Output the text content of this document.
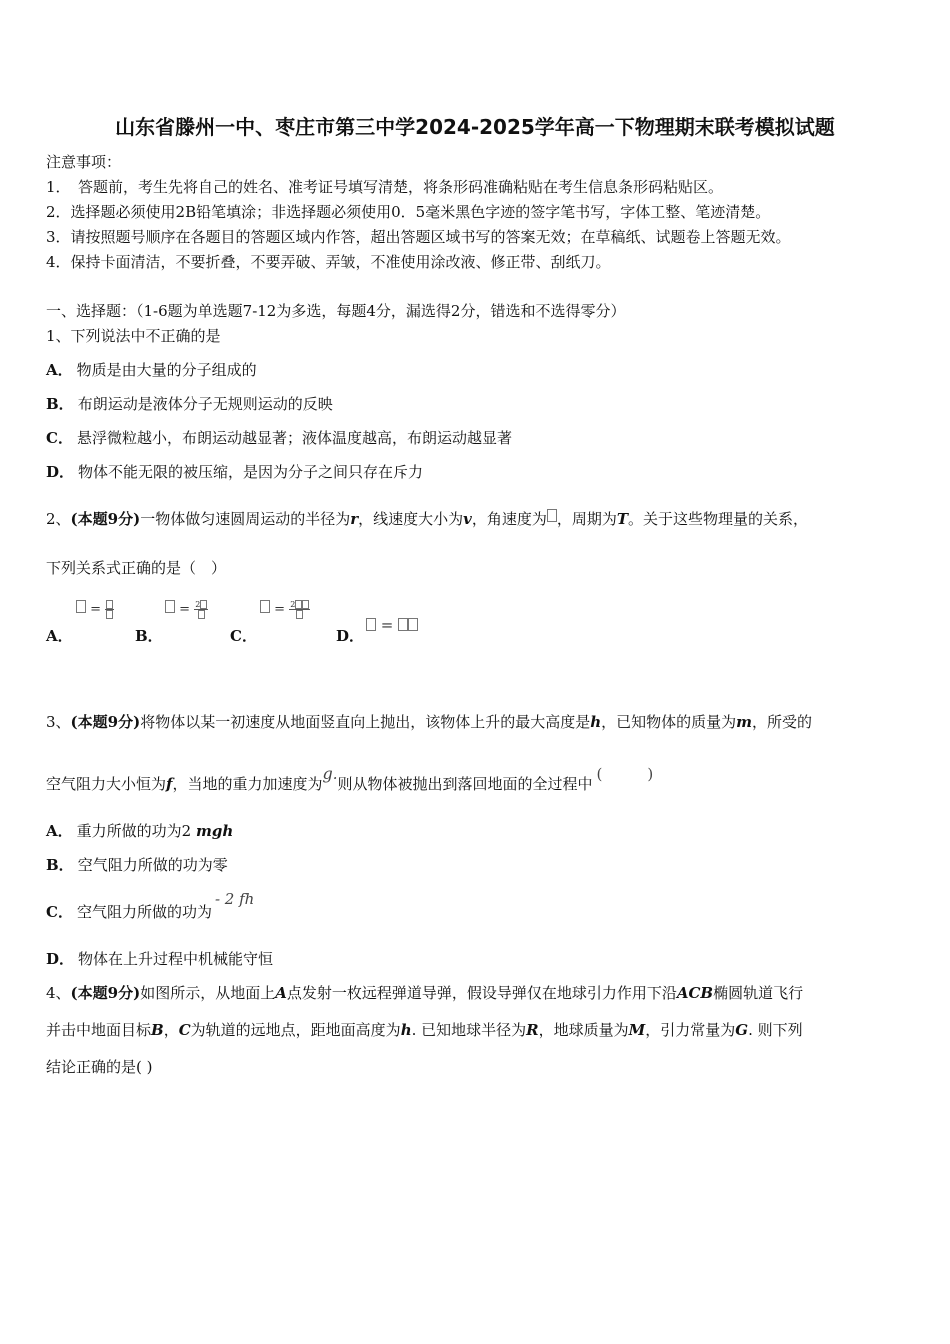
山东省滕州一中、枣庄市第三中学2024-2025学年高一下物理期末联考模拟试题
注意事项：
1．　答题前，考生先将自己的姓名、准考证号填写清楚，将条形码准确粘贴在考生信息条形码粘贴区。
2．选择题必须使用2B铅笔填涂；非选择题必须使用0．5毫米黑色字迹的签字笔书写，字体工整、笔迹清楚。
3．请按照题号顺序在各题目的答题区域内作答，超出答题区域书写的答案无效；在草稿纸、试题卷上答题无效。
4．保持卡面清洁，不要折叠，不要弄破、弄皱，不准使用涂改液、修正带、刮纸刀。
一、选择题：（1-6题为单选题7-12为多选，每题4分，漏选得2分，错选和不选得零分）
1、下列说法中不正确的是
A． 物质是由大量的分子组成的
B． 布朗运动是液体分子无规则运动的反映
C． 悬浮微粒越小，布朗运动越显著；液体温度越高，布朗运动越显著
D． 物体不能无限的被压缩，是因为分子之间只存在斥力
2、(本题9分)一物体做匀速圆周运动的半径为r，线速度大小为v，角速度为 ，周期为T。关于这些物理量的关系，
下列关系式正确的是（　）
A．
=
B．
= 2
C．
= 2
D．
=
3、(本题9分)将物体以某一初速度从地面竖直向上抛出，该物体上升的最大高度是h，已知物体的质量为m，所受的
空气阻力大小恒为f，当地的重力加速度为g.则从物体被抛出到落回地面的全过程中(　　　)
A． 重力所做的功为2 mgh
B． 空气阻力所做的功为零
C． 空气阻力所做的功为- 2 fh
D． 物体在上升过程中机械能守恒
4、(本题9分)如图所示，从地面上A点发射一枚远程弹道导弹，假设导弹仅在地球引力作用下沿ACB椭圆轨道飞行
并击中地面目标B，C为轨道的远地点，距地面高度为h. 已知地球半径为R，地球质量为M，引力常量为G. 则下列
结论正确的是( )
